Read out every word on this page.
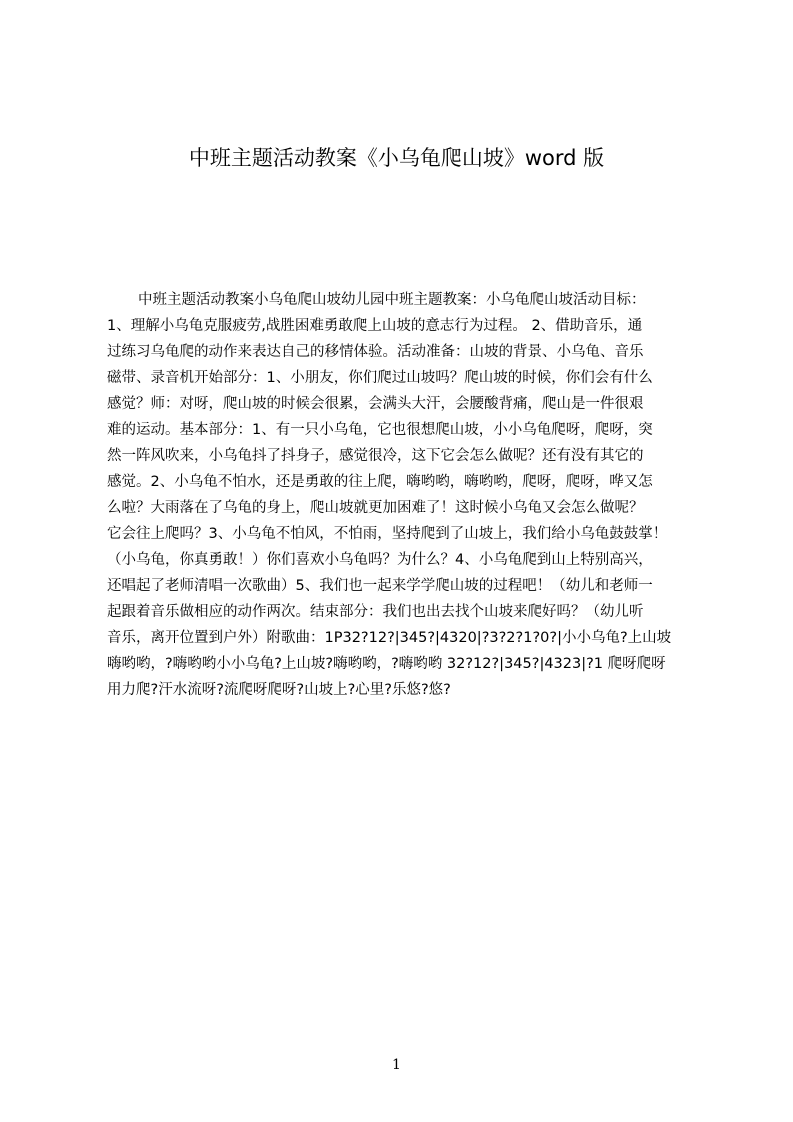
中班主题活动教案《小乌龟爬山坡》word 版
中班主题活动教案小乌龟爬山坡幼儿园中班主题教案：小乌龟爬山坡活动目标：
1、理解小乌龟克服疲劳,战胜困难勇敢爬上山坡的意志行为过程。 2、借助音乐，通
过练习乌龟爬的动作来表达自己的移情体验。活动准备：山坡的背景、小乌龟、音乐
磁带、录音机开始部分：1、小朋友，你们爬过山坡吗？爬山坡的时候，你们会有什么
感觉？师：对呀，爬山坡的时候会很累，会满头大汗，会腰酸背痛，爬山是一件很艰
难的运动。基本部分：1、有一只小乌龟，它也很想爬山坡，小小乌龟爬呀，爬呀，突
然一阵风吹来，小乌龟抖了抖身子，感觉很冷，这下它会怎么做呢？还有没有其它的
感觉。2、小乌龟不怕水，还是勇敢的往上爬，嗨哟哟，嗨哟哟，爬呀，爬呀，哗又怎
么啦？大雨落在了乌龟的身上，爬山坡就更加困难了！这时候小乌龟又会怎么做呢？
它会往上爬吗？3、小乌龟不怕风，不怕雨，坚持爬到了山坡上，我们给小乌龟鼓鼓掌！
（小乌龟，你真勇敢！）你们喜欢小乌龟吗？为什么？4、小乌龟爬到山上特别高兴，
还唱起了老师清唱一次歌曲）5、我们也一起来学学爬山坡的过程吧！（幼儿和老师一
起跟着音乐做相应的动作两次。结束部分：我们也出去找个山坡来爬好吗？（幼儿听
音乐，离开位置到户外）附歌曲：1P32?12?|345?|4320|?3?2?1?0?|小小乌龟?上山坡
嗨哟哟，?嗨哟哟小小乌龟?上山坡?嗨哟哟，?嗨哟哟 32?12?|345?|4323|?1 爬呀爬呀
用力爬?汗水流呀?流爬呀爬呀?山坡上?心里?乐悠?悠?
1
